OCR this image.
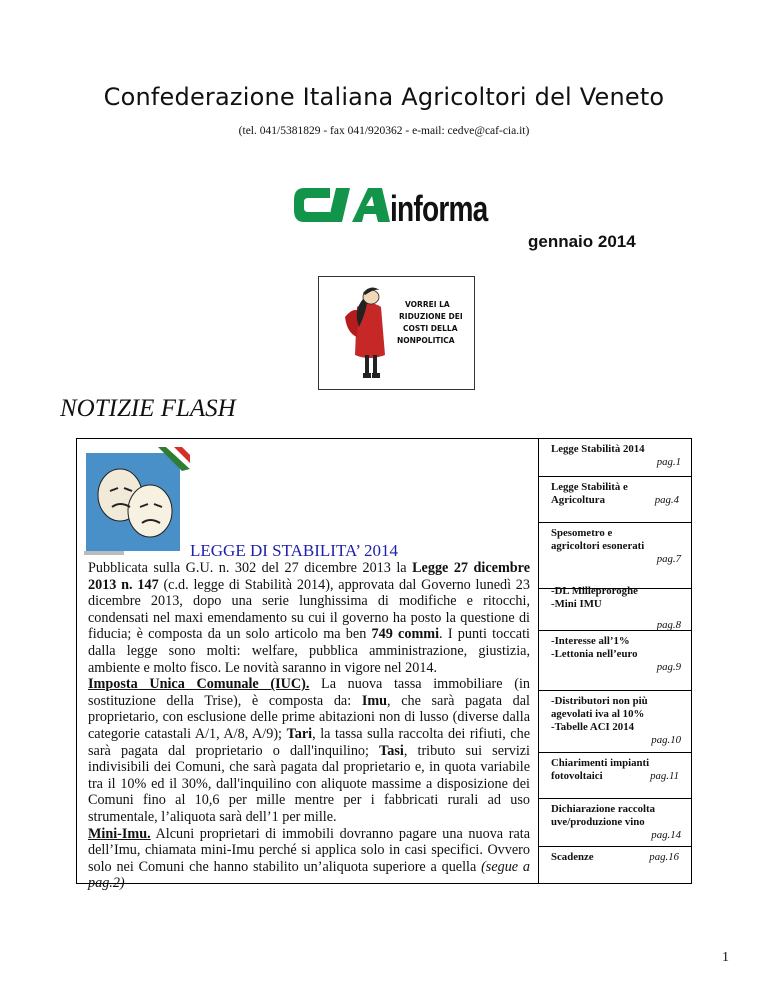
Confederazione Italiana Agricoltori del Veneto
(tel. 041/5381829 - fax 041/920362 - e-mail: cedve@caf-cia.it)
informa
gennaio 2014
VORREI LA
RIDUZIONE DEI
COSTI DELLA
NONPOLITICA
NOTIZIE FLASH
LEGGE DI STABILITA’ 2014

Pubblicata sulla G.U. n. 302 del 27 dicembre 2013 la Legge 27 dicembre 2013 n. 147 (c.d. legge di Stabilità 2014), approvata dal Governo lunedì 23 dicembre 2013, dopo una serie lunghissima di modifiche e ritocchi, condensati nel maxi emendamento su cui il governo ha posto la questione di fiducia; è composta da un solo articolo ma ben 749 commi. I punti toccati dalla legge sono molti: welfare, pubblica amministrazione, giustizia, ambiente e molto fisco. Le novità saranno in vigore nel 2014.

Imposta Unica Comunale (IUC). La nuova tassa immobiliare (in sostituzione della Trise), è composta da: Imu, che sarà pagata dal proprietario, con esclusione delle prime abitazioni non di lusso (diverse dalla categorie catastali A/1, A/8, A/9); Tari, la tassa sulla raccolta dei rifiuti, che sarà pagata dal proprietario o dall'inquilino; Tasi, tributo sui servizi indivisibili dei Comuni, che sarà pagata dal proprietario e, in quota variabile tra il 10% ed il 30%, dall'inquilino con aliquote massime a disposizione dei Comuni fino al 10,6 per mille mentre per i fabbricati rurali ad uso strumentale, l’aliquota sarà dell’1 per mille.

Mini-Imu. Alcuni proprietari di immobili dovranno pagare una nuova rata dell’Imu, chiamata mini-Imu perché si applica solo in casi specifici. Ovvero solo nei Comuni che hanno stabilito un’aliquota superiore a quella (segue a pag.2)

Legge Stabilità 2014
pag.1
Legge Stabilità e
Agricoltura	pag.4
Spesometro e
agricoltori esonerati
pag.7
-DL Milleproroghe
-Mini IMU
pag.8
-Interesse all’1%
-Lettonia nell’euro
pag.9
-Distributori non più
agevolati iva al 10%
-Tabelle ACI 2014
pag.10
Chiarimenti impianti
fotovoltaici	pag.11
Dichiarazione raccolta
uve/produzione vino
pag.14
Scadenze	pag.16
1
